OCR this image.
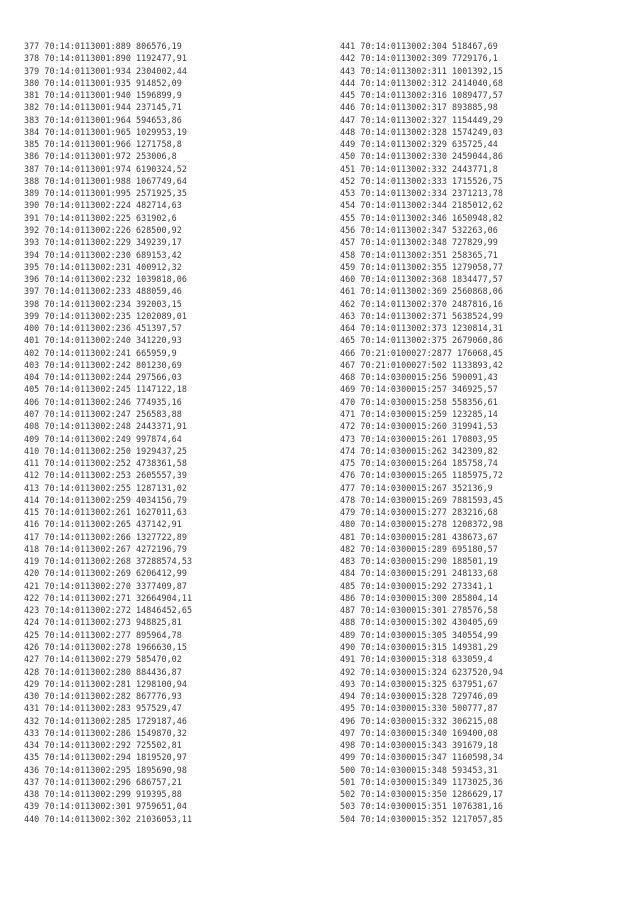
377 70:14:0113001:889 806576,19
378 70:14:0113001:890 1192477,91
379 70:14:0113001:934 2304002,44
380 70:14:0113001:935 914852,09
381 70:14:0113001:940 1596899,9
382 70:14:0113001:944 237145,71
383 70:14:0113001:964 594653,86
384 70:14:0113001:965 1029953,19
385 70:14:0113001:966 1271758,8
386 70:14:0113001:972 253006,8
387 70:14:0113001:974 6190324,52
388 70:14:0113001:988 1067749,64
389 70:14:0113001:995 2571925,35
390 70:14:0113002:224 482714,63
391 70:14:0113002:225 631902,6
392 70:14:0113002:226 628500,92
393 70:14:0113002:229 349239,17
394 70:14:0113002:230 689153,42
395 70:14:0113002:231 400912,32
396 70:14:0113002:232 1039818,06
397 70:14:0113002:233 488059,46
398 70:14:0113002:234 392003,15
399 70:14:0113002:235 1202089,01
400 70:14:0113002:236 451397,57
401 70:14:0113002:240 341220,93
402 70:14:0113002:241 665959,9
403 70:14:0113002:242 801230,69
404 70:14:0113002:244 297566,03
405 70:14:0113002:245 1147122,18
406 70:14:0113002:246 774935,16
407 70:14:0113002:247 256583,88
408 70:14:0113002:248 2443371,91
409 70:14:0113002:249 997874,64
410 70:14:0113002:250 1929437,25
411 70:14:0113002:252 4738361,58
412 70:14:0113002:253 2605557,39
413 70:14:0113002:255 1287131,02
414 70:14:0113002:259 4034156,79
415 70:14:0113002:261 1627011,63
416 70:14:0113002:265 437142,91
417 70:14:0113002:266 1327722,89
418 70:14:0113002:267 4272196,79
419 70:14:0113002:268 37288574,53
420 70:14:0113002:269 6206412,99
421 70:14:0113002:270 3377409,87
422 70:14:0113002:271 32664904,11
423 70:14:0113002:272 14846452,65
424 70:14:0113002:273 948825,81
425 70:14:0113002:277 895964,78
426 70:14:0113002:278 1966630,15
427 70:14:0113002:279 585470,02
428 70:14:0113002:280 884436,87
429 70:14:0113002:281 1298100,94
430 70:14:0113002:282 867776,93
431 70:14:0113002:283 957529,47
432 70:14:0113002:285 1729187,46
433 70:14:0113002:286 1549870,32
434 70:14:0113002:292 725502,81
435 70:14:0113002:294 1819520,97
436 70:14:0113002:295 1895690,98
437 70:14:0113002:296 686757,21
438 70:14:0113002:299 919395,88
439 70:14:0113002:301 9759651,04
440 70:14:0113002:302 21036053,11
441 70:14:0113002:304 518467,69
442 70:14:0113002:309 7729176,1
443 70:14:0113002:311 1001392,15
444 70:14:0113002:312 2414040,68
445 70:14:0113002:316 1089477,57
446 70:14:0113002:317 893885,98
447 70:14:0113002:327 1154449,29
448 70:14:0113002:328 1574249,03
449 70:14:0113002:329 635725,44
450 70:14:0113002:330 2459044,86
451 70:14:0113002:332 2443771,8
452 70:14:0113002:333 1715526,75
453 70:14:0113002:334 2371213,78
454 70:14:0113002:344 2185012,62
455 70:14:0113002:346 1650948,82
456 70:14:0113002:347 532263,06
457 70:14:0113002:348 727829,99
458 70:14:0113002:351 258365,71
459 70:14:0113002:355 1279058,77
460 70:14:0113002:368 1834477,57
461 70:14:0113002:369 2560868,06
462 70:14:0113002:370 2487816,16
463 70:14:0113002:371 5638524,99
464 70:14:0113002:373 1230814,31
465 70:14:0113002:375 2679060,86
466 70:21:0100027:2877 176068,45
467 70:21:0100027:502 1133893,42
468 70:14:0300015:256 590091,43
469 70:14:0300015:257 346925,57
470 70:14:0300015:258 558356,61
471 70:14:0300015:259 123285,14
472 70:14:0300015:260 319941,53
473 70:14:0300015:261 170803,95
474 70:14:0300015:262 342309,82
475 70:14:0300015:264 185758,74
476 70:14:0300015:265 1185975,72
477 70:14:0300015:267 352136,9
478 70:14:0300015:269 7881593,45
479 70:14:0300015:277 283216,68
480 70:14:0300015:278 1208372,98
481 70:14:0300015:281 438673,67
482 70:14:0300015:289 695180,57
483 70:14:0300015:290 188501,19
484 70:14:0300015:291 248133,68
485 70:14:0300015:292 273341,1
486 70:14:0300015:300 285804,14
487 70:14:0300015:301 278576,58
488 70:14:0300015:302 430405,69
489 70:14:0300015:305 340554,99
490 70:14:0300015:315 149381,29
491 70:14:0300015:318 633059,4
492 70:14:0300015:324 6237520,94
493 70:14:0300015:325 637951,67
494 70:14:0300015:328 729746,09
495 70:14:0300015:330 500777,87
496 70:14:0300015:332 306215,08
497 70:14:0300015:340 169400,08
498 70:14:0300015:343 391679,18
499 70:14:0300015:347 1160598,34
500 70:14:0300015:348 593453,31
501 70:14:0300015:349 1173025,36
502 70:14:0300015:350 1286629,17
503 70:14:0300015:351 1076381,16
504 70:14:0300015:352 1217057,85
